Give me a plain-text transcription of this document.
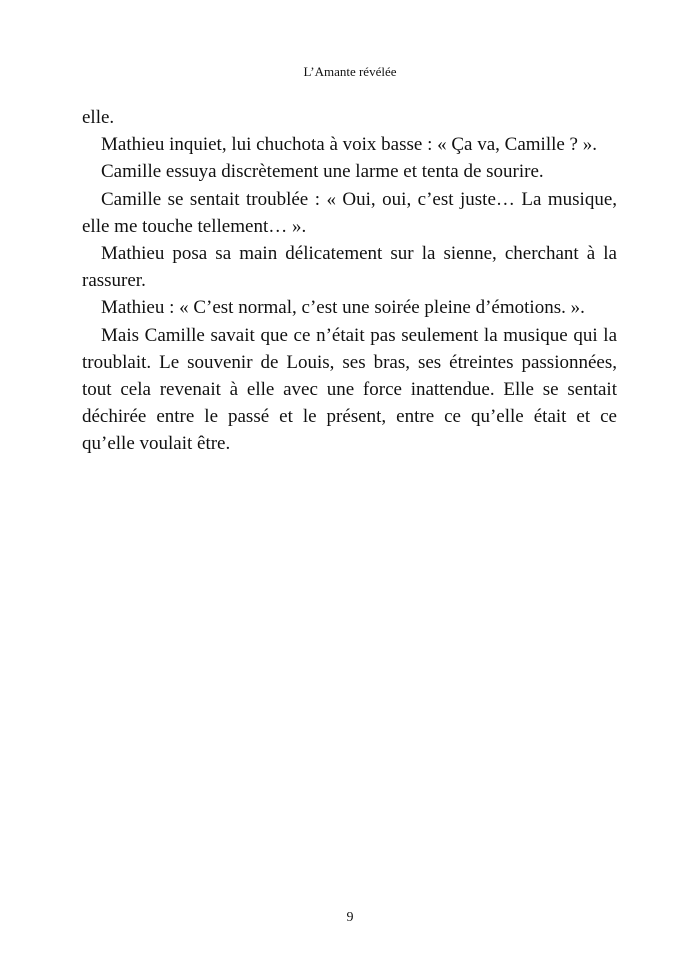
L’Amante révélée
elle.
Mathieu inquiet, lui chuchota à voix basse : « Ça va, Camille ? ».
Camille essuya discrètement une larme et tenta de sourire.
Camille se sentait troublée : « Oui, oui, c’est juste… La musique,
elle me touche tellement… ».
Mathieu posa sa main délicatement sur la sienne, cherchant à la
rassurer.
Mathieu : « C’est normal, c’est une soirée pleine d’émotions. ».
Mais Camille savait que ce n’était pas seulement la musique qui la
troublait. Le souvenir de Louis, ses bras, ses étreintes passionnées,
tout cela revenait à elle avec une force inattendue. Elle se sentait
déchirée entre le passé et le présent, entre ce qu’elle était et ce
qu’elle voulait être.
9
